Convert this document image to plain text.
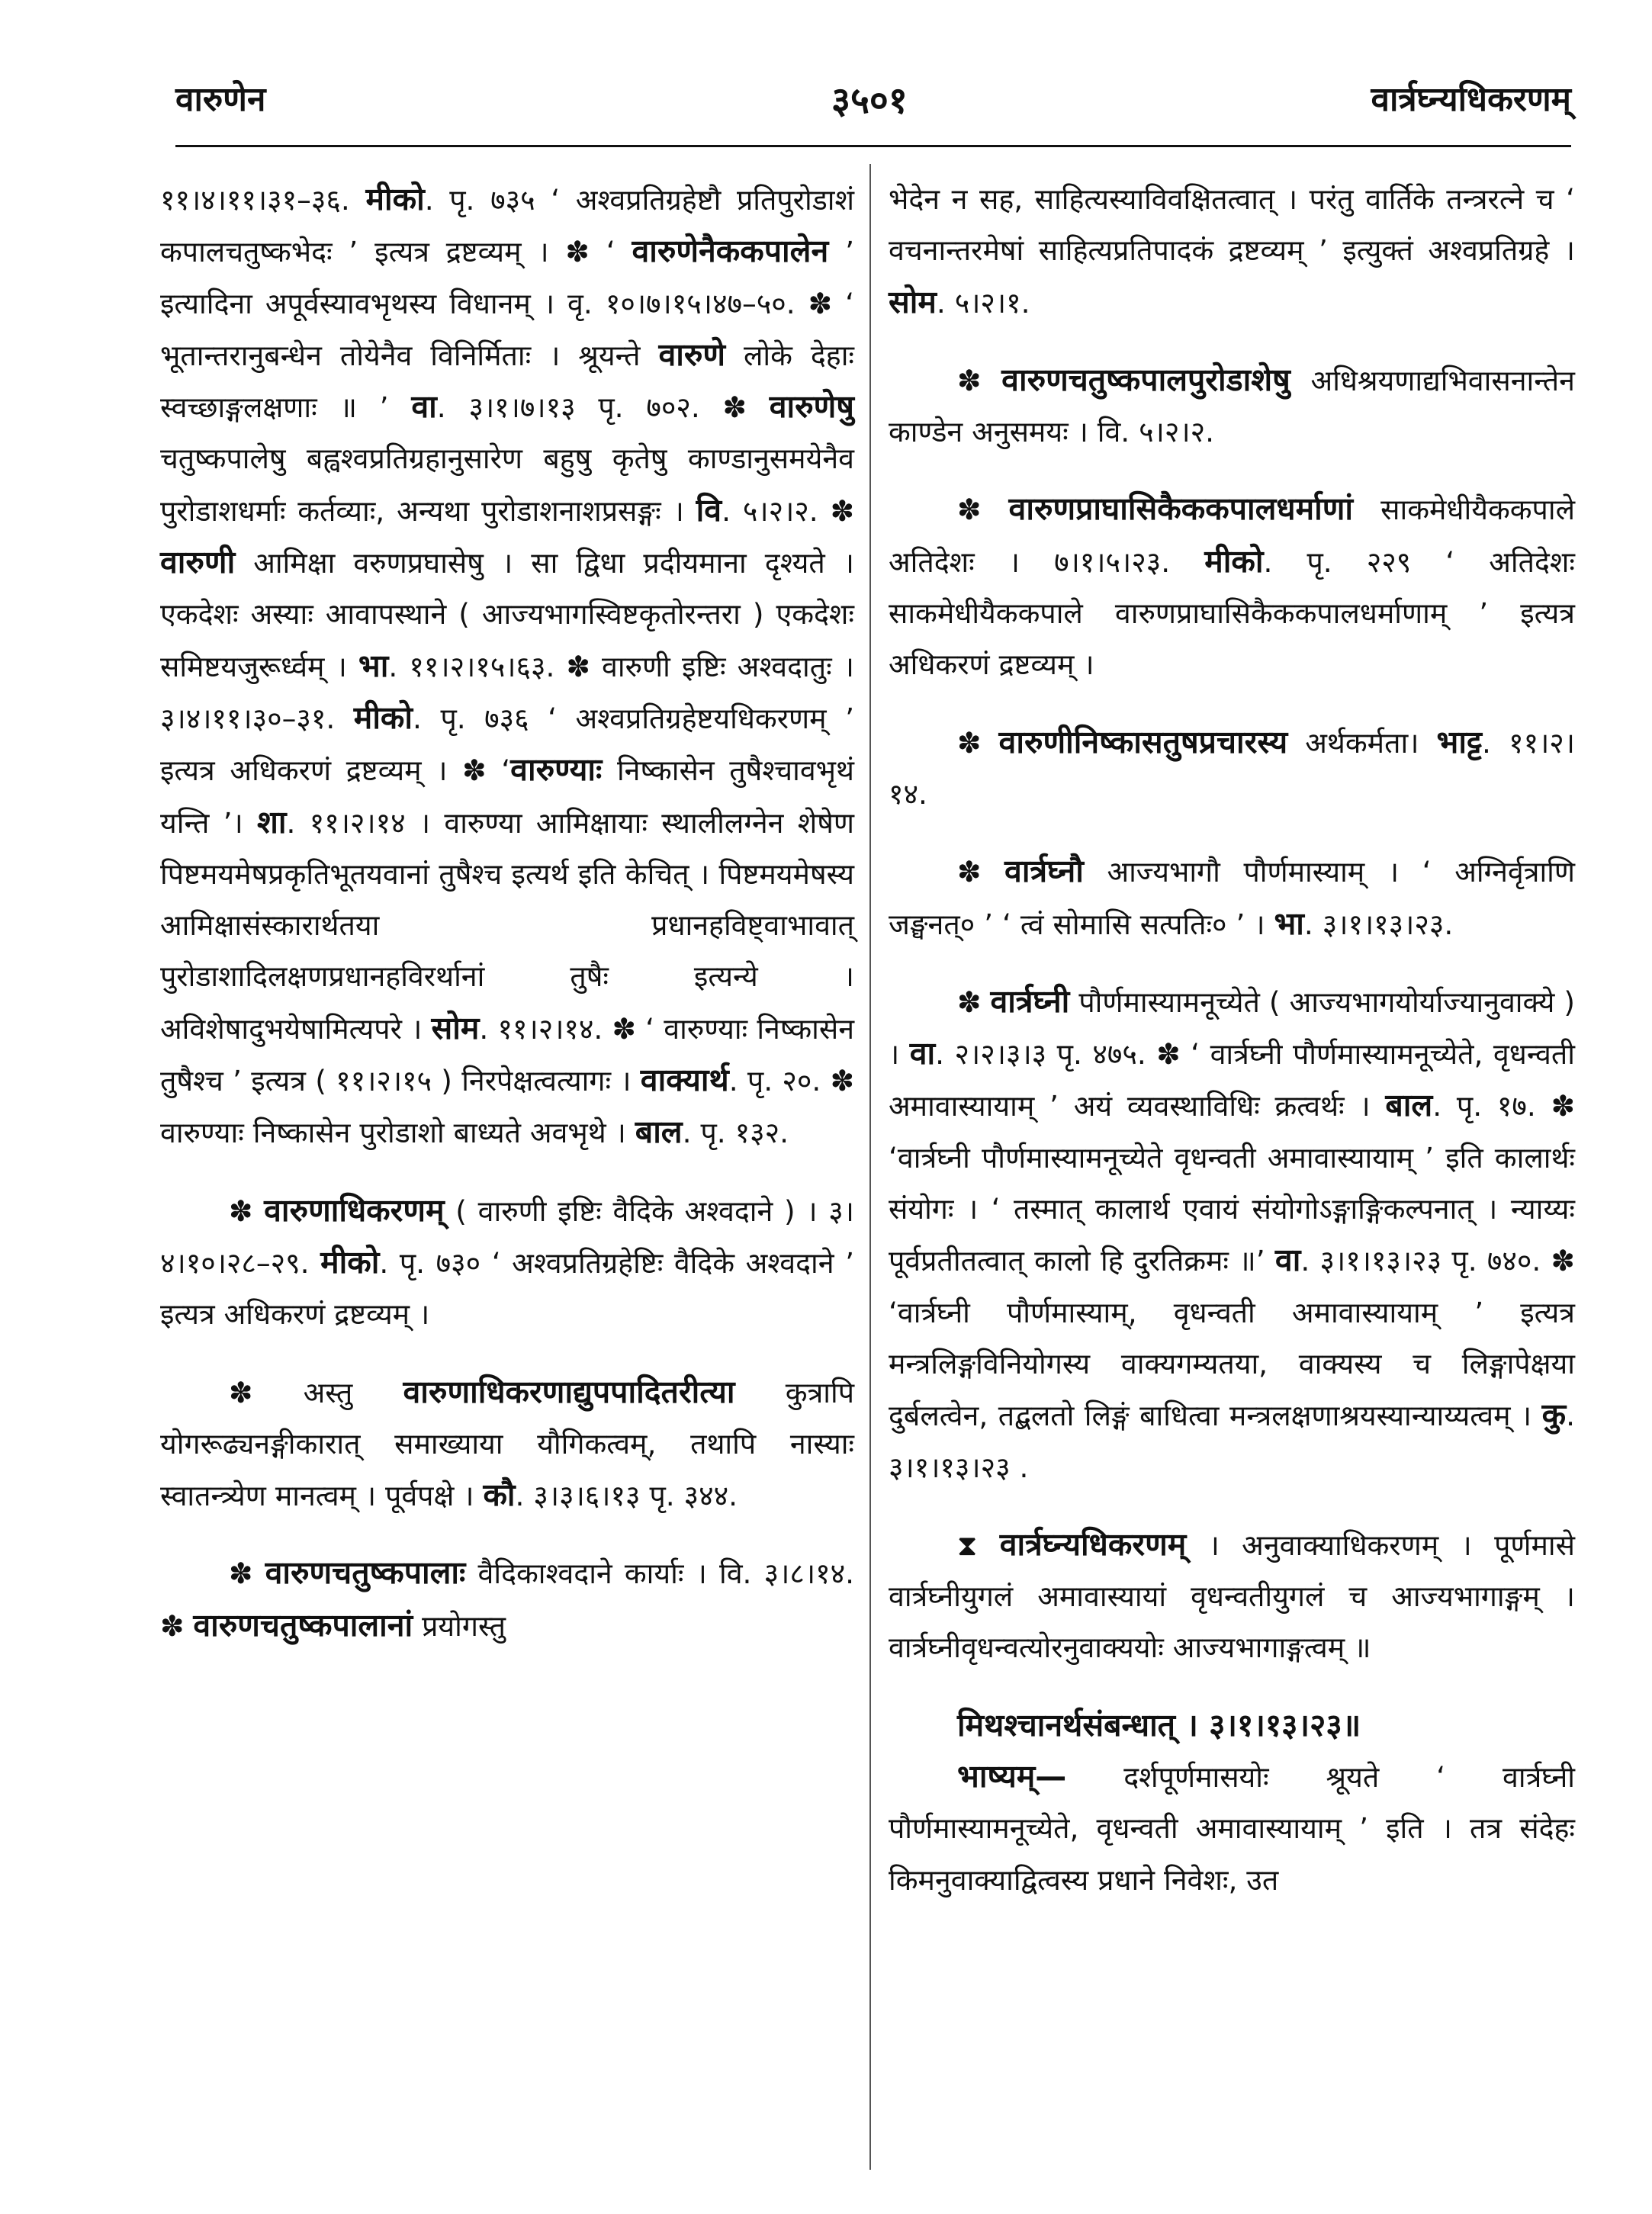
वारुणेन	३५०१	वार्त्रघ्न्यधिकरणम्

११।४।११।३१–३६. मीको. पृ. ७३५ ‘ अश्वप्रतिग्रहेष्टौ प्रतिपुरोडाशं कपालचतुष्कभेदः ’ इत्यत्र द्रष्टव्यम् । ✽ ‘ वारुणेनैककपालेन ’ इत्यादिना अपूर्वस्यावभृथस्य विधानम् । वृ. १०।७।१५।४७–५०. ✽ ‘ भूतान्तरानुबन्धेन तोयेनैव विनिर्मिताः । श्रूयन्ते वारुणे लोके देहाः स्वच्छाङ्गलक्षणाः ॥ ’ वा. ३।१।७।१३ पृ. ७०२. ✽ वारुणेषु चतुष्कपालेषु बह्वश्वप्रतिग्रहानुसारेण बहुषु कृतेषु काण्डानुसमयेनैव पुरोडाशधर्माः कर्तव्याः, अन्यथा पुरोडाशनाशप्रसङ्गः । वि. ५।२।२. ✽ वारुणी आमिक्षा वरुणप्रघासेषु । सा द्विधा प्रदीयमाना दृश्यते । एकदेशः अस्याः आवापस्थाने ( आज्यभागस्विष्टकृतोरन्तरा ) एकदेशः समिष्टयजुरूर्ध्वम् । भा. ११।२।१५।६३. ✽ वारुणी इष्टिः अश्वदातुः । ३।४।११।३०–३१. मीको. पृ. ७३६ ‘ अश्वप्रतिग्रहेष्टयधिकरणम् ’ इत्यत्र अधिकरणं द्रष्टव्यम् । ✽ ‘वारुण्याः निष्कासेन तुषैश्चावभृथं यन्ति ’। शा. ११।२।१४ । वारुण्या आमिक्षायाः स्थालीलग्नेन शेषेण पिष्टमयमेषप्रकृतिभूतयवानां तुषैश्च इत्यर्थ इति केचित् । पिष्टमयमेषस्य आमिक्षासंस्कारार्थतया प्रधानहविष्ट्वाभावात् पुरोडाशादिलक्षणप्रधानहविरर्थानां तुषैः इत्यन्ये । अविशेषादुभयेषामित्यपरे । सोम. ११।२।१४. ✽ ‘ वारुण्याः निष्कासेन तुषैश्च ’ इत्यत्र ( ११।२।१५ ) निरपेक्षत्वत्यागः । वाक्यार्थ. पृ. २०. ✽ वारुण्याः निष्कासेन पुरोडाशो बाध्यते अवभृथे । बाल. पृ. १३२.

✽ वारुणाधिकरणम् ( वारुणी इष्टिः वैदिके अश्वदाने ) । ३।४।१०।२८–२९. मीको. पृ. ७३० ‘ अश्वप्रतिग्रहेष्टिः वैदिके अश्वदाने ’ इत्यत्र अधिकरणं द्रष्टव्यम् ।

✽ अस्तु वारुणाधिकरणाद्युपपादितरीत्या कुत्रापि योगरूढ्यनङ्गीकारात् समाख्याया यौगिकत्वम्, तथापि नास्याः स्वातन्त्र्येण मानत्वम् । पूर्वपक्षे । कौ. ३।३।६।१३ पृ. ३४४.

✽ वारुणचतुष्कपालाः वैदिकाश्वदाने कार्याः । वि. ३।८।१४. ✽ वारुणचतुष्कपालानां प्रयोगस्तु

भेदेन न सह, साहित्यस्याविवक्षितत्वात् । परंतु वार्तिके तन्त्ररत्ने च ‘ वचनान्तरमेषां साहित्यप्रतिपादकं द्रष्टव्यम् ’ इत्युक्तं अश्वप्रतिग्रहे । सोम. ५।२।१.

✽ वारुणचतुष्कपालपुरोडाशेषु अधिश्रयणाद्यभिवासनान्तेन काण्डेन अनुसमयः । वि. ५।२।२.

✽ वारुणप्राघासिकैककपालधर्माणां साकमेधीयैककपाले अतिदेशः । ७।१।५।२३. मीको. पृ. २२९ ‘ अतिदेशः साकमेधीयैककपाले वारुणप्राघासिकैककपालधर्माणाम् ’ इत्यत्र अधिकरणं द्रष्टव्यम् ।

✽ वारुणीनिष्कासतुषप्रचारस्य अर्थकर्मता। भाट्ट. ११।२।१४.

✽ वार्त्रघ्नौ आज्यभागौ पौर्णमास्याम् । ‘ अग्निर्वृत्राणि जङ्घनत्० ’ ‘ त्वं सोमासि सत्पतिः० ’ । भा. ३।१।१३।२३.

✽ वार्त्रघ्नी पौर्णमास्यामनूच्येते ( आज्यभागयोर्याज्यानुवाक्ये ) । वा. २।२।३।३ पृ. ४७५. ✽ ‘ वार्त्रघ्नी पौर्णमास्यामनूच्येते, वृधन्वती अमावास्यायाम् ’ अयं व्यवस्थाविधिः क्रत्वर्थः । बाल. पृ. १७. ✽ ‘वार्त्रघ्नी पौर्णमास्यामनूच्येते वृधन्वती अमावास्यायाम् ’ इति कालार्थः संयोगः । ‘ तस्मात् कालार्थ एवायं संयोगोऽङ्गाङ्गिकल्पनात् । न्याय्यः पूर्वप्रतीतत्वात् कालो हि दुरतिक्रमः ॥’ वा. ३।१।१३।२३ पृ. ७४०. ✽ ‘वार्त्रघ्नी पौर्णमास्याम्, वृधन्वती अमावास्यायाम् ’ इत्यत्र मन्त्रलिङ्गविनियोगस्य वाक्यगम्यतया, वाक्यस्य च लिङ्गापेक्षया दुर्बलत्वेन, तद्बलतो लिङ्गं बाधित्वा मन्त्रलक्षणाश्रयस्यान्याय्यत्वम् । कु. ३।१।१३।२३ .

⧗ वार्त्रघ्न्यधिकरणम् । अनुवाक्याधिकरणम् । पूर्णमासे वार्त्रघ्नीयुगलं अमावास्यायां वृधन्वतीयुगलं च आज्यभागाङ्गम् । वार्त्रघ्नीवृधन्वत्योरनुवाक्ययोः आज्यभागाङ्गत्वम् ॥

मिथश्चानर्थसंबन्धात् । ३।१।१३।२३॥

भाष्यम्— दर्शपूर्णमासयोः श्रूयते ‘ वार्त्रघ्नी पौर्णमास्यामनूच्येते, वृधन्वती अमावास्यायाम् ’ इति । तत्र संदेहः किमनुवाक्याद्वित्वस्य प्रधाने निवेशः, उत
